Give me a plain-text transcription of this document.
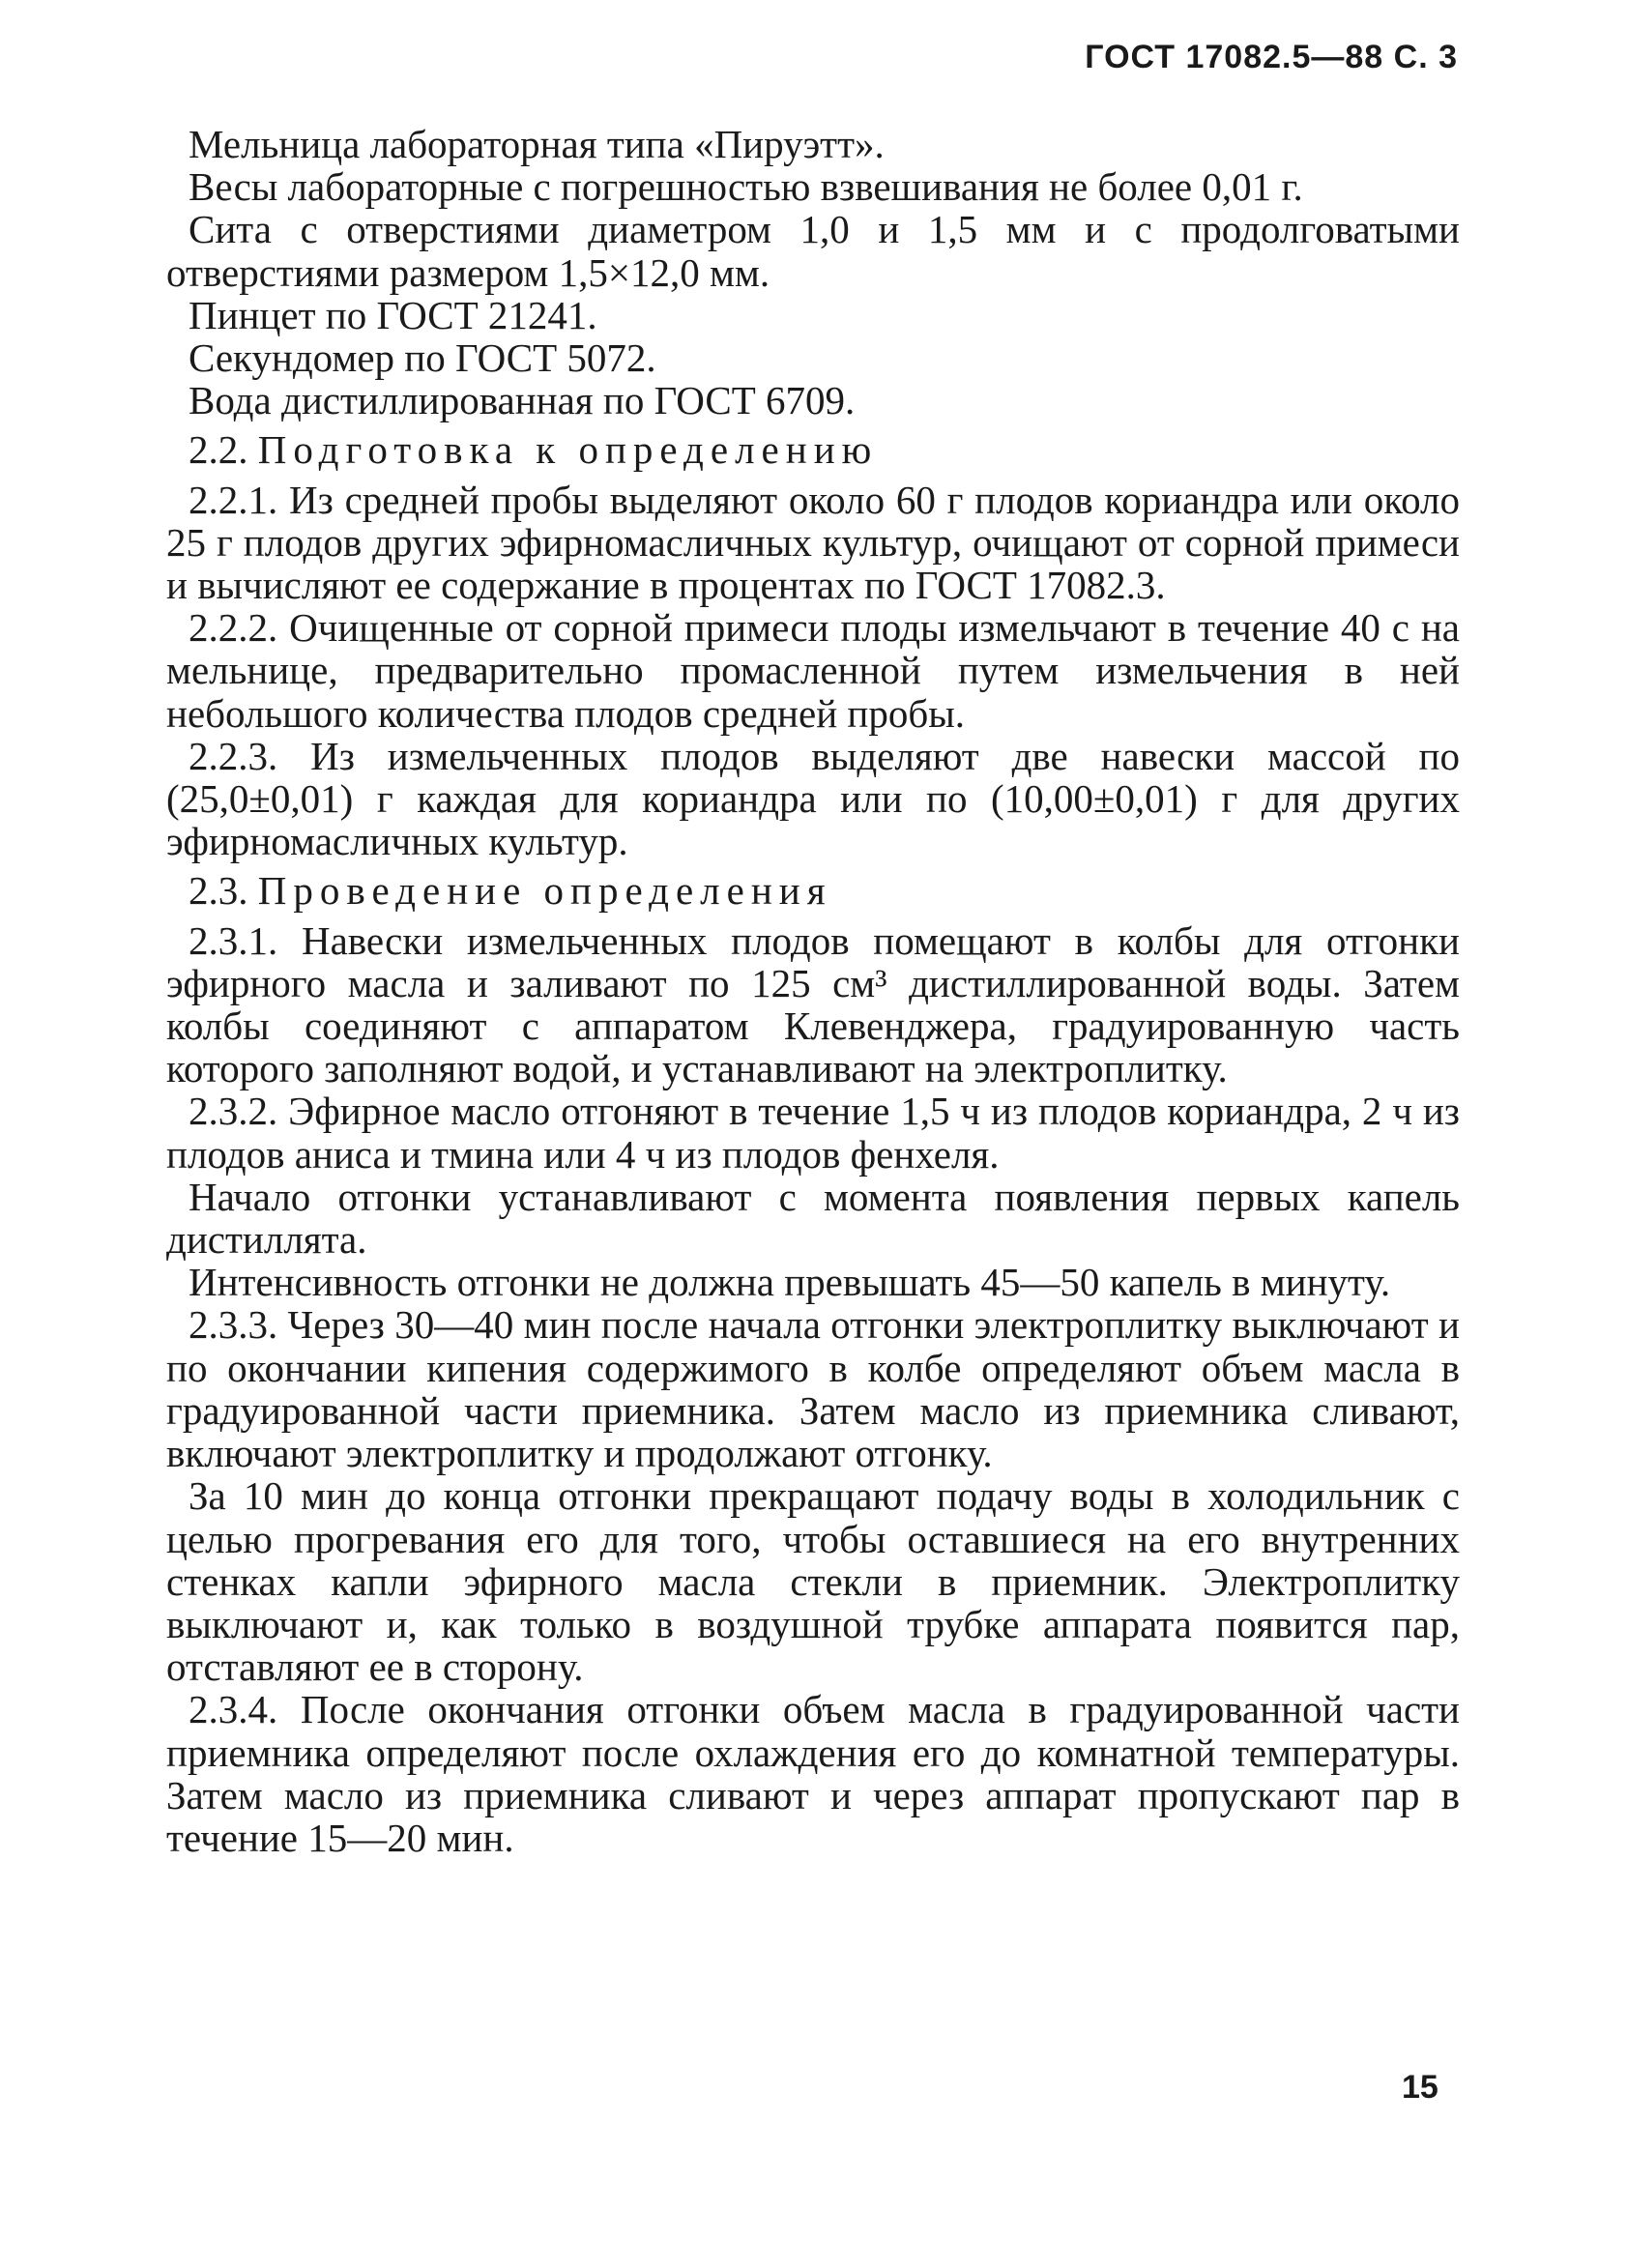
ГОСТ 17082.5—88 С. 3

Мельница лабораторная типа «Пируэтт».

Весы лабораторные с погрешностью взвешивания не более 0,01 г.

Сита с отверстиями диаметром 1,0 и 1,5 мм и с продолговатыми отверстиями размером 1,5×12,0 мм.

Пинцет по ГОСТ 21241.

Секундомер по ГОСТ 5072.

Вода дистиллированная по ГОСТ 6709.

2.2. Подготовка к определению

2.2.1. Из средней пробы выделяют около 60 г плодов кориандра или около 25 г плодов других эфирномасличных культур, очищают от сорной примеси и вычисляют ее содержание в процентах по ГОСТ 17082.3.

2.2.2. Очищенные от сорной примеси плоды измельчают в течение 40 с на мельнице, предварительно промасленной путем измельчения в ней небольшого количества плодов средней пробы.

2.2.3. Из измельченных плодов выделяют две навески массой по (25,0±0,01) г каждая для кориандра или по (10,00±0,01) г для других эфирномасличных культур.

2.3. Проведение определения

2.3.1. Навески измельченных плодов помещают в колбы для отгонки эфирного масла и заливают по 125 см³ дистиллированной воды. Затем колбы соединяют с аппаратом Клевенджера, градуированную часть которого заполняют водой, и устанавливают на электроплитку.

2.3.2. Эфирное масло отгоняют в течение 1,5 ч из плодов кориандра, 2 ч из плодов аниса и тмина или 4 ч из плодов фенхеля.

Начало отгонки устанавливают с момента появления первых капель дистиллята.

Интенсивность отгонки не должна превышать 45—50 капель в минуту.

2.3.3. Через 30—40 мин после начала отгонки электроплитку выключают и по окончании кипения содержимого в колбе определяют объем масла в градуированной части приемника. Затем масло из приемника сливают, включают электроплитку и продолжают отгонку.

За 10 мин до конца отгонки прекращают подачу воды в холодильник с целью прогревания его для того, чтобы оставшиеся на его внутренних стенках капли эфирного масла стекли в приемник. Электроплитку выключают и, как только в воздушной трубке аппарата появится пар, отставляют ее в сторону.

2.3.4. После окончания отгонки объем масла в градуированной части приемника определяют после охлаждения его до комнатной температуры. Затем масло из приемника сливают и через аппарат пропускают пар в течение 15—20 мин.

15
